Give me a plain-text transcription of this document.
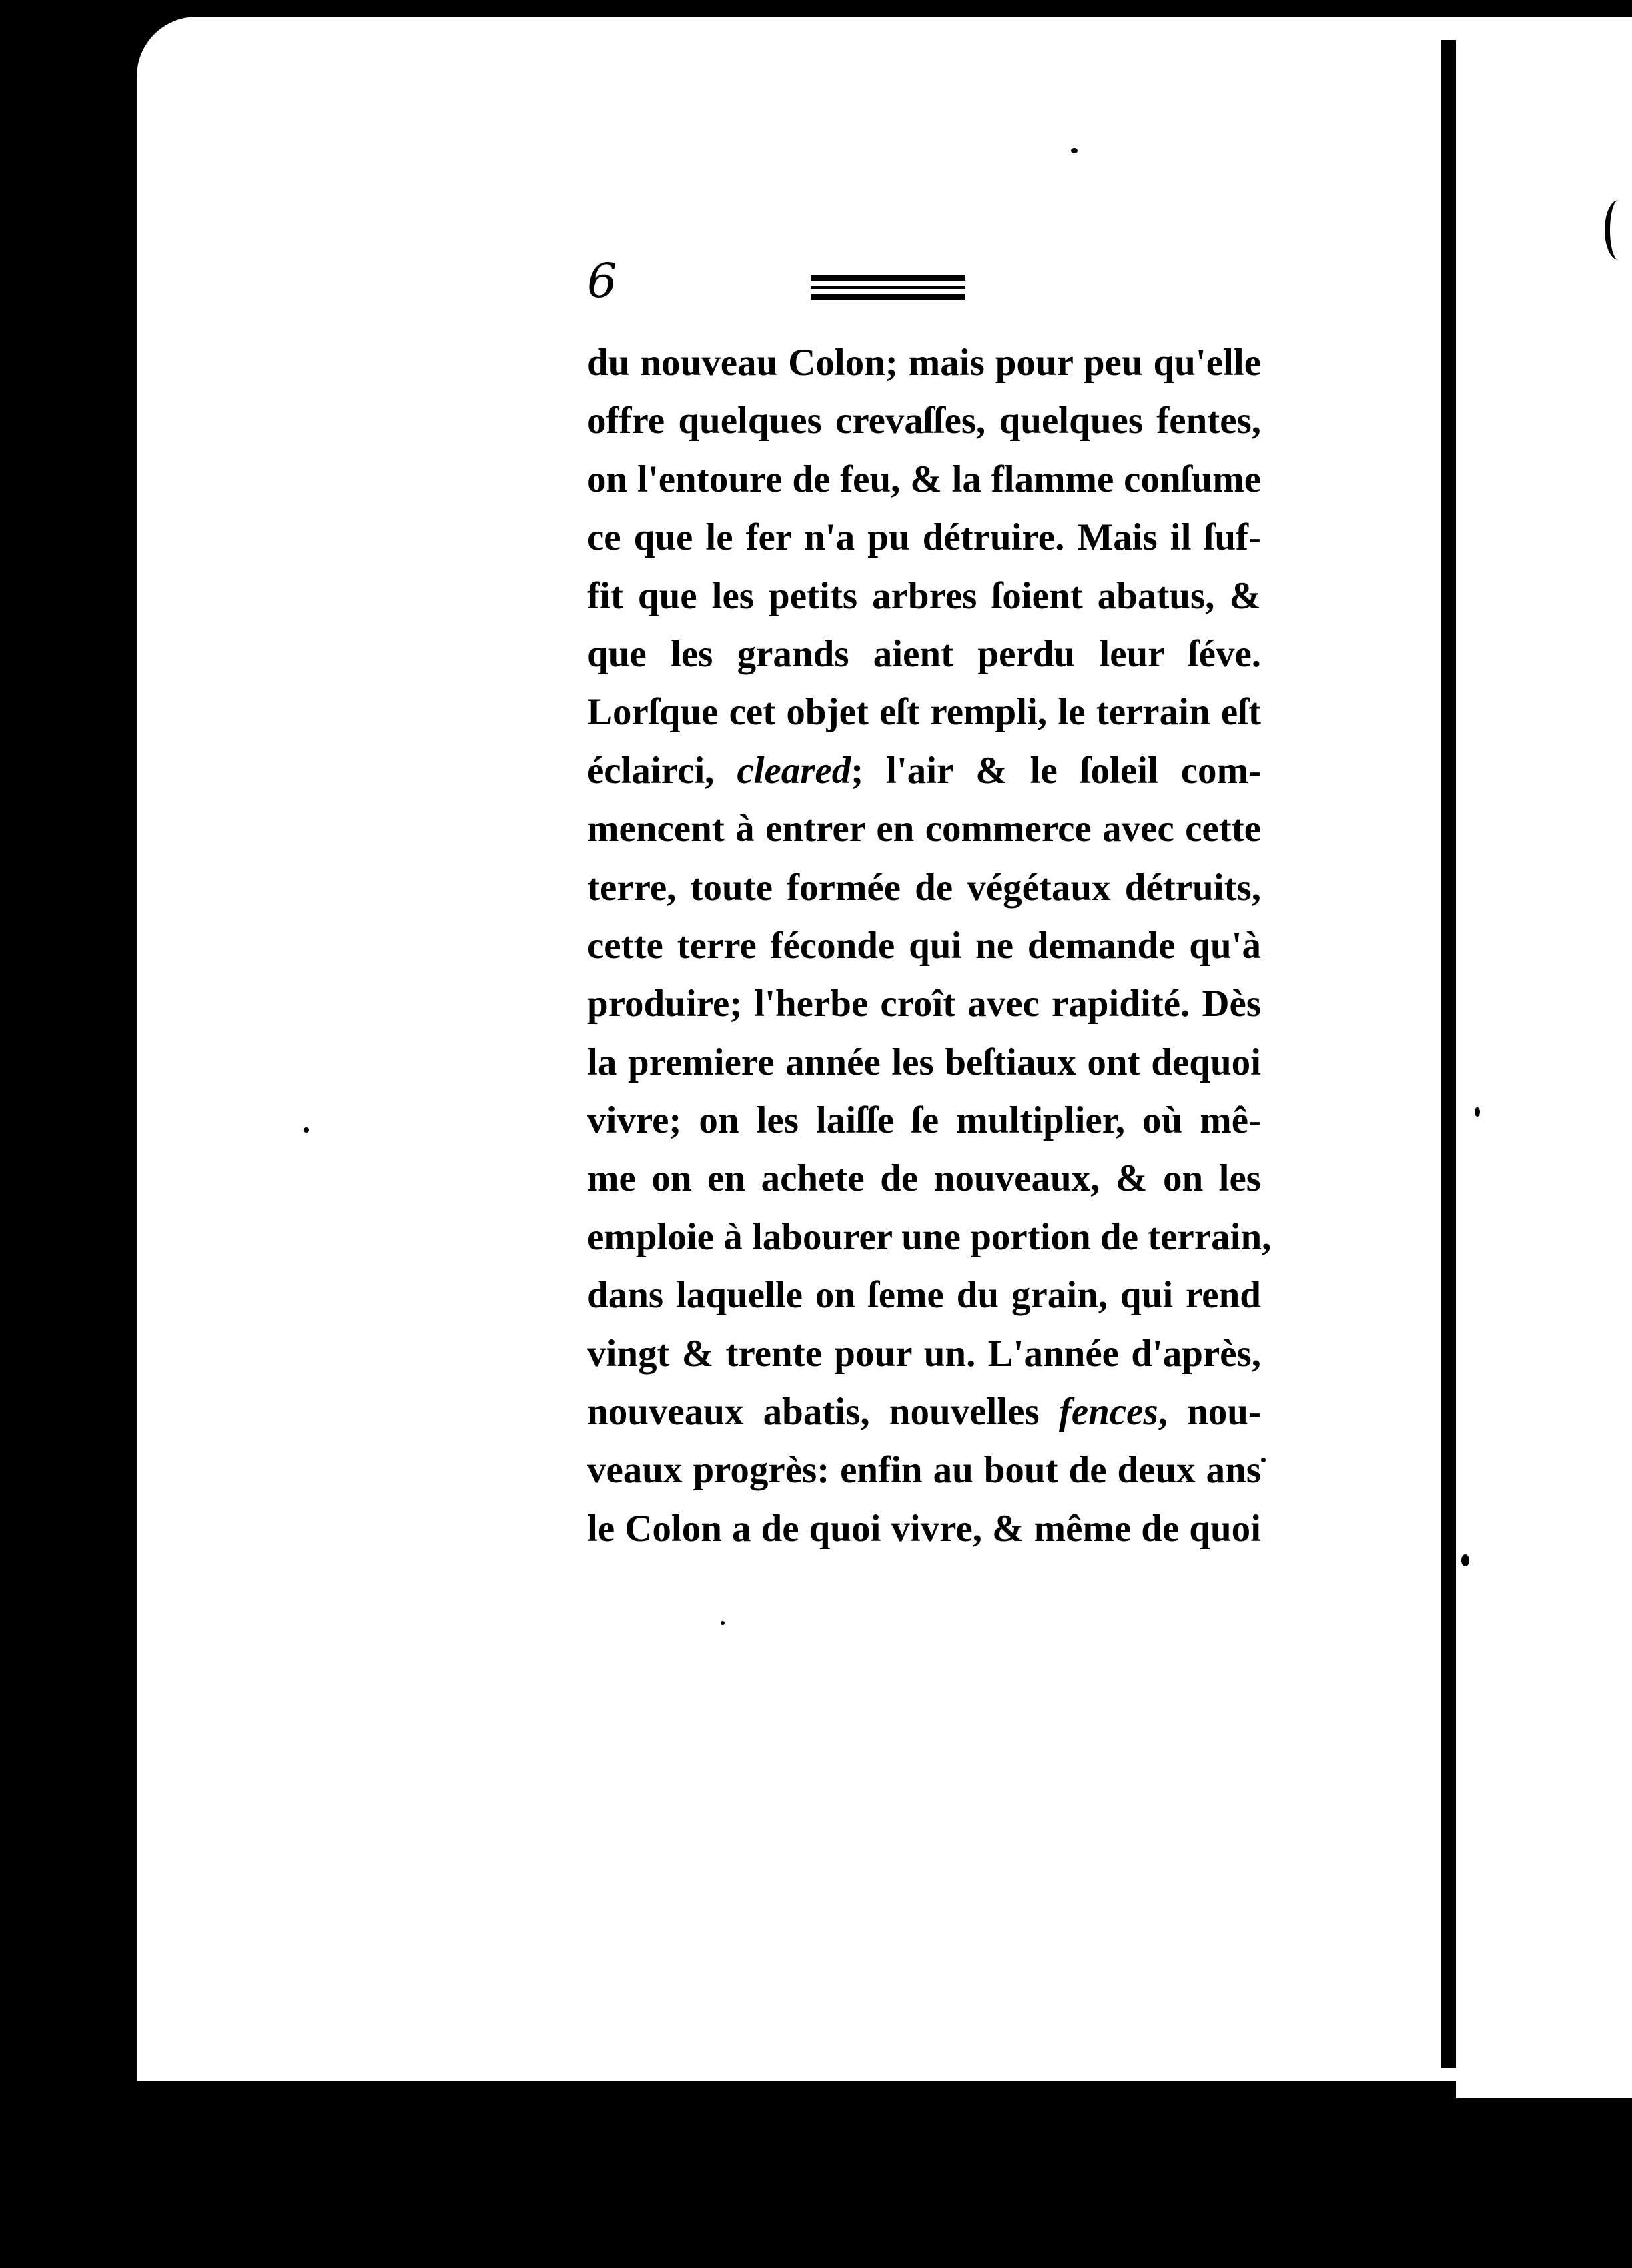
6
du nouveau Colon; mais pour peu qu'elle
offre quelques crevaſſes, quelques fentes,
on l'entoure de feu, & la flamme conſume
ce que le fer n'a pu détruire. Mais il ſuf-
fit que les petits arbres ſoient abatus, &
que les grands aient perdu leur ſéve.
Lorſque cet objet eſt rempli, le terrain eſt
éclairci, cleared; l'air & le ſoleil com-
mencent à entrer en commerce avec cette
terre, toute formée de végétaux détruits,
cette terre féconde qui ne demande qu'à
produire; l'herbe croît avec rapidité. Dès
la premiere année les beſtiaux ont dequoi
vivre; on les laiſſe ſe multiplier, où mê-
me on en achete de nouveaux, & on les
emploie à labourer une portion de terrain,
dans laquelle on ſeme du grain, qui rend
vingt & trente pour un. L'année d'après,
nouveaux abatis, nouvelles fences, nou-
veaux progrès: enfin au bout de deux ans
le Colon a de quoi vivre, & même de quoi
